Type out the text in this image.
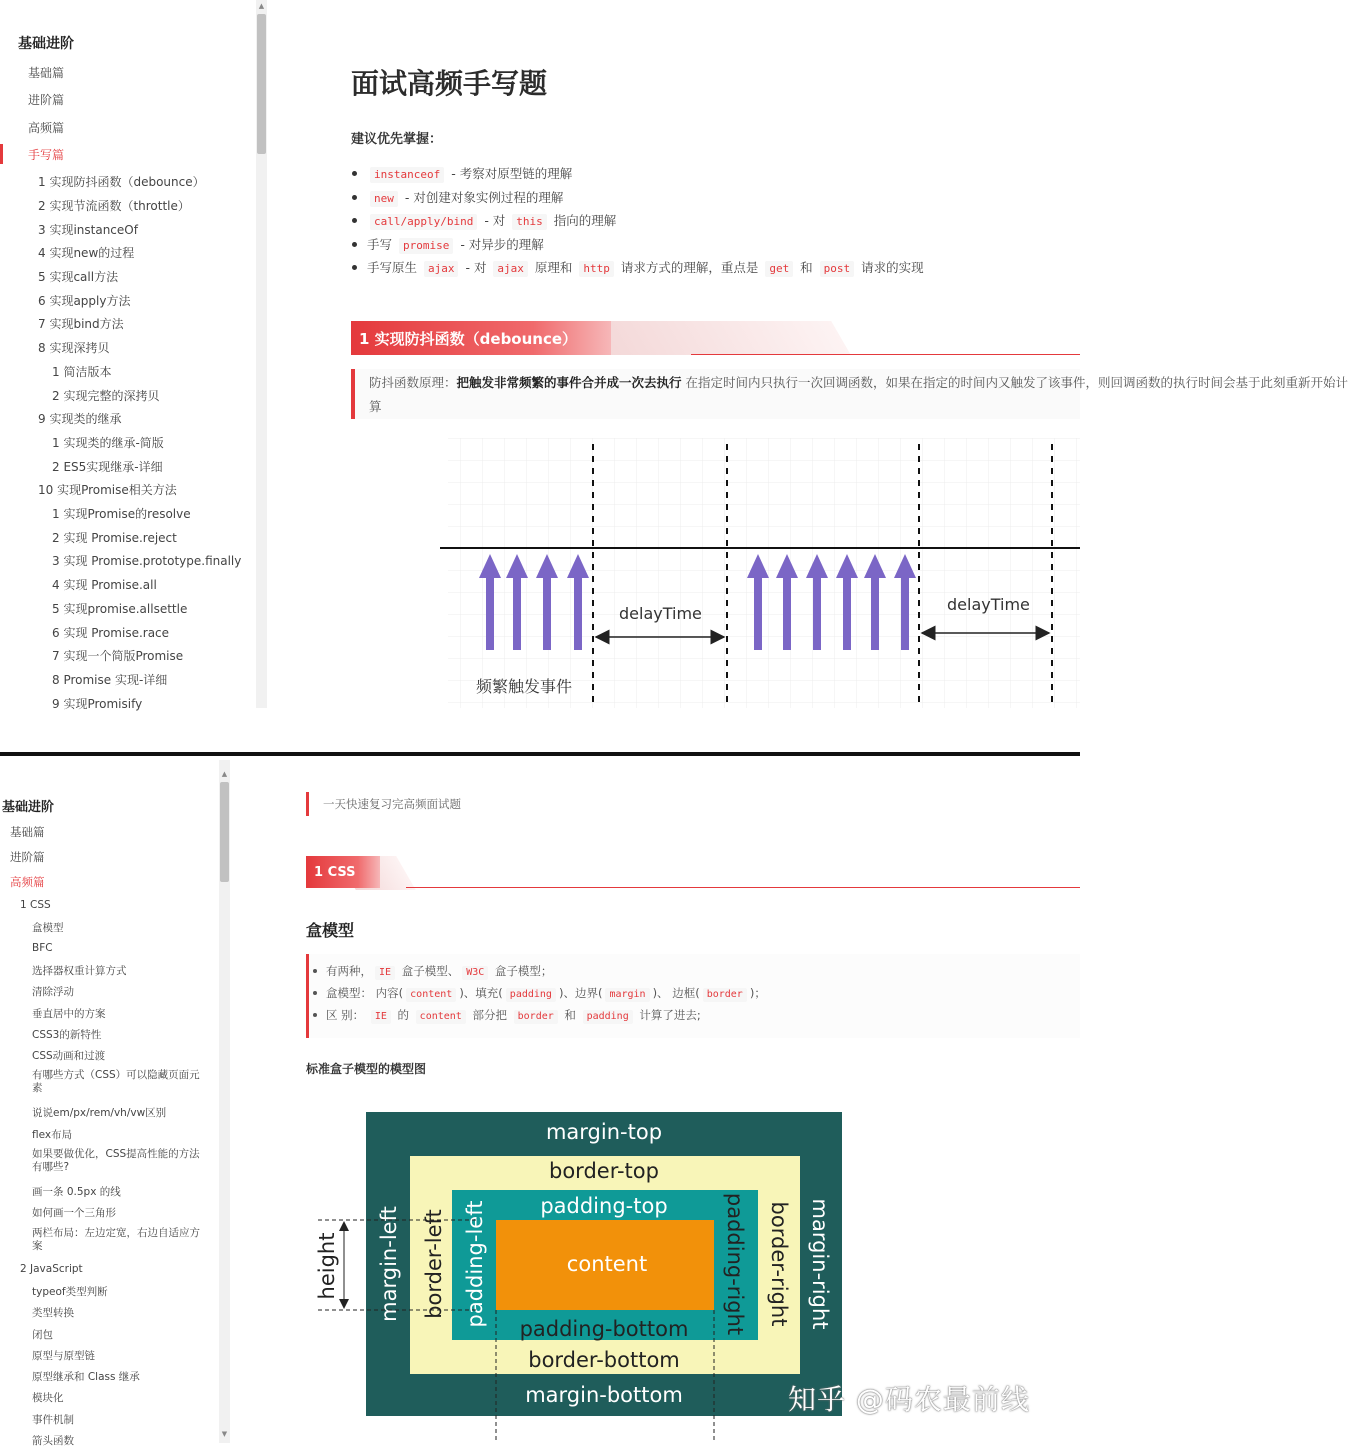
基础进阶
基础篇
进阶篇
高频篇
手写篇
1 实现防抖函数（debounce）
2 实现节流函数（throttle）
3 实现instanceOf
4 实现new的过程
5 实现call方法
6 实现apply方法
7 实现bind方法
8 实现深拷贝
1 简洁版本
2 实现完整的深拷贝
9 实现类的继承
1 实现类的继承-简版
2 ES5实现继承-详细
10 实现Promise相关方法
1 实现Promise的resolve
2 实现 Promise.reject
3 实现 Promise.prototype.finally
4 实现 Promise.all
5 实现promise.allsettle
6 实现 Promise.race
7 实现一个简版Promise
8 Promise 实现-详细
9 实现Promisify
▲
面试高频手写题
建议优先掌握：
instanceof - 考察对原型链的理解
new - 对创建对象实例过程的理解
call/apply/bind - 对 this 指向的理解
手写 promise - 对异步的理解
手写原生 ajax - 对 ajax 原理和 http 请求方式的理解，重点是 get 和 post 请求的实现
1 实现防抖函数（debounce）

防抖函数原理：把触发非常频繁的事件合并成一次去执行 在指定时间内只执行一次回调函数，如果在指定的时间内又触发了该事件，则回调函数的执行时间会基于此刻重新开始计

算

delayTime	delayTime
频繁触发事件
基础进阶
基础篇
进阶篇
高频篇
1 CSS
盒模型
BFC
选择器权重计算方式
清除浮动
垂直居中的方案
CSS3的新特性
CSS动画和过渡
有哪些方式（CSS）可以隐藏页面元素
说说em/px/rem/vh/vw区别
flex布局
如果要做优化，CSS提高性能的方法有哪些?
画一条 0.5px 的线
如何画一个三角形
两栏布局：左边定宽，右边自适应方案
2 JavaScript
typeof类型判断
类型转换
闭包
原型与原型链
原型继承和 Class 继承
模块化
事件机制
箭头函数
▲
▼
一天快速复习完高频面试题
1 CSS
盒模型
有两种， IE 盒子模型、 W3C 盒子模型；
盒模型： 内容( content )、填充( padding )、边界( margin )、 边框( border )；
区 别： IE 的 content 部分把 border 和 padding 计算了进去;
标准盒子模型的模型图
margin-top
margin-bottom
border-top
border-bottom
padding-top
padding-bottom
content
margin-left border-left padding-left	padding-right border-right margin-right
height
知乎 @码农最前线
